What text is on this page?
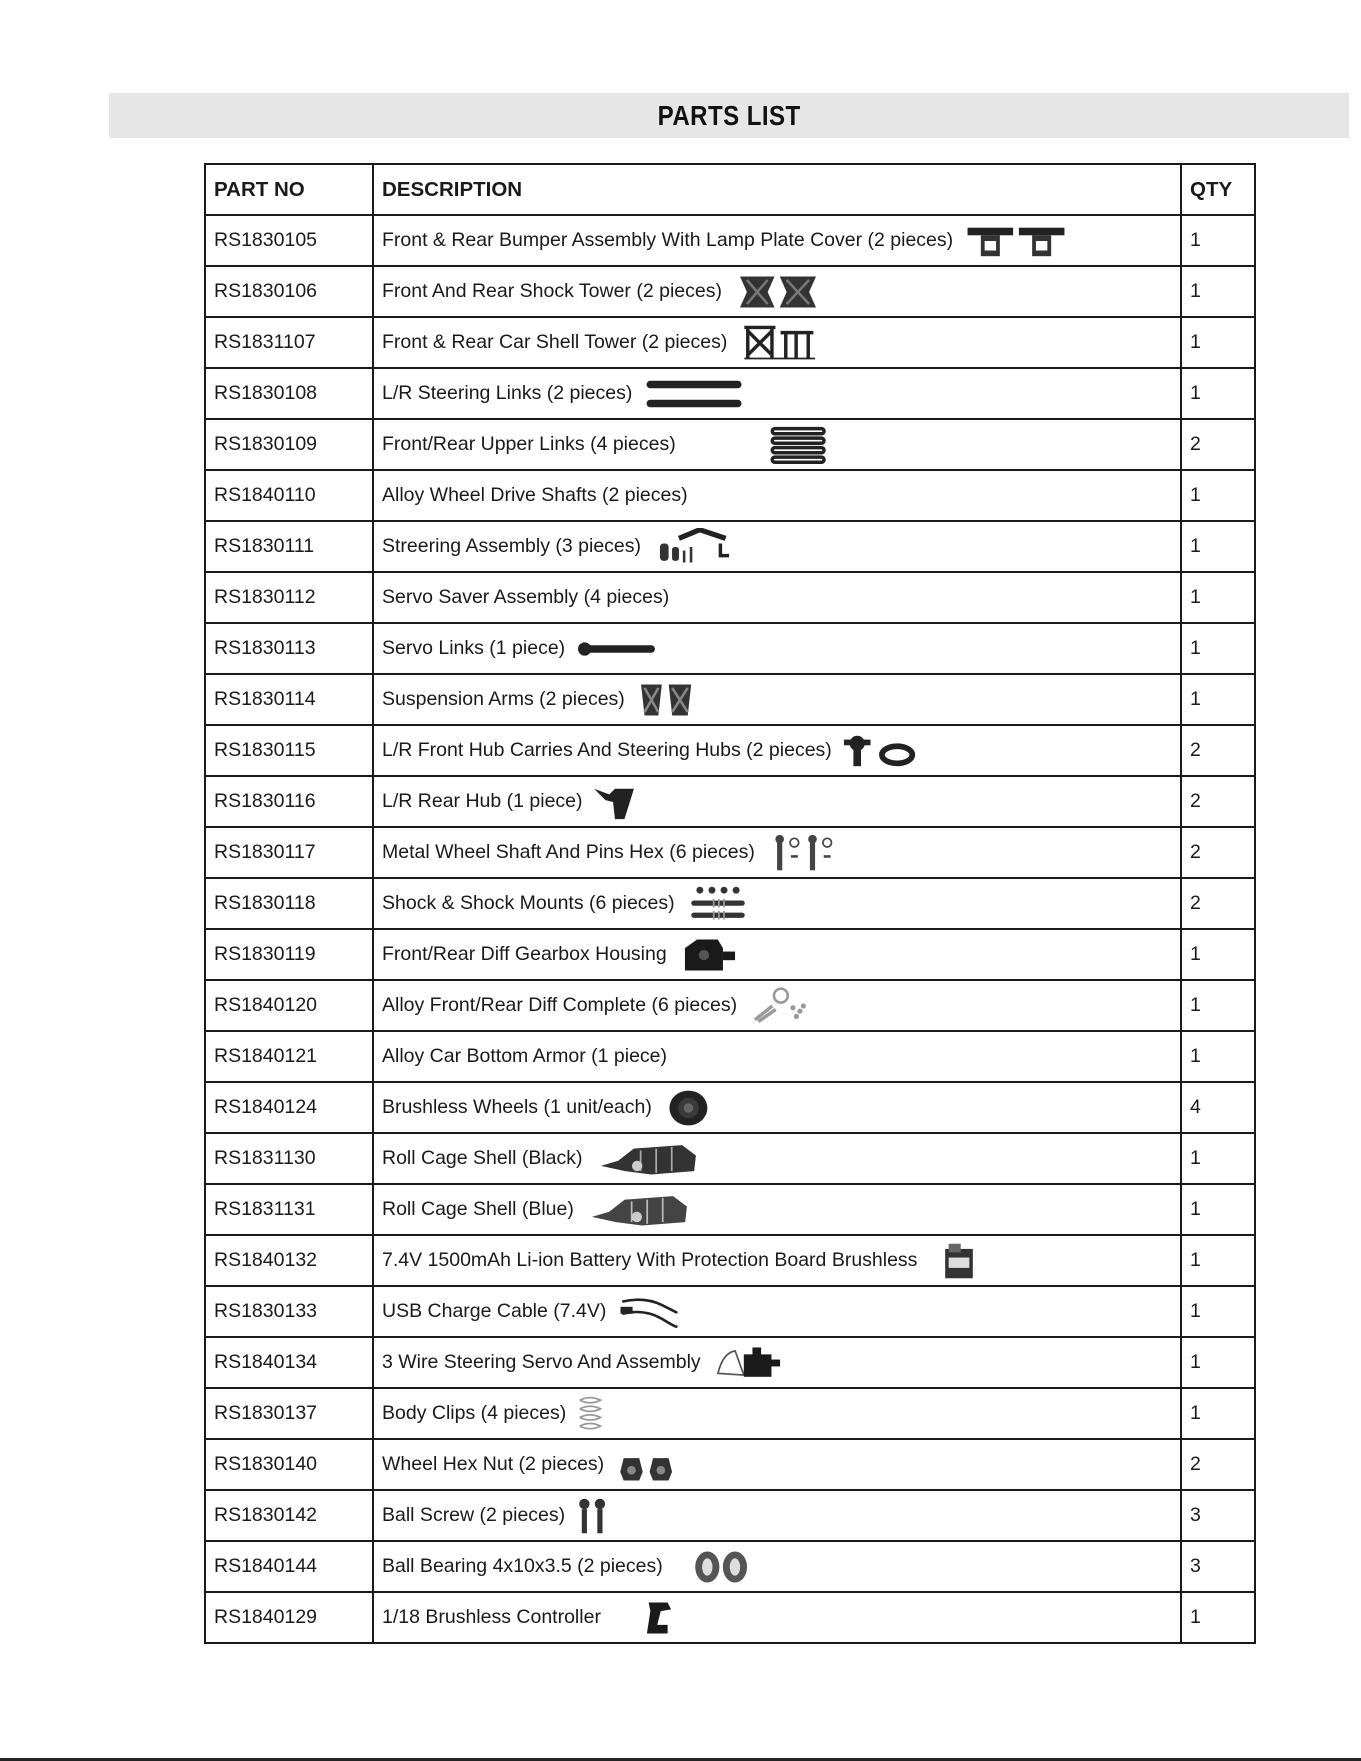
PARTS LIST
PART NO	DESCRIPTION	QTY
RS1830105	Front & Rear Bumper Assembly With Lamp Plate Cover (2 pieces)	1
RS1830106	Front And Rear Shock Tower (2 pieces)	1
RS1831107	Front & Rear Car Shell Tower (2 pieces)	1
RS1830108	L/R Steering Links (2 pieces)	1
RS1830109	Front/Rear Upper Links (4 pieces)	2
RS1840110	Alloy Wheel Drive Shafts (2 pieces)	1
RS1830111	Streering Assembly (3 pieces)	1
RS1830112	Servo Saver Assembly (4 pieces)	1
RS1830113	Servo Links (1 piece)	1
RS1830114	Suspension Arms (2 pieces)	1
RS1830115	L/R Front Hub Carries And Steering Hubs (2 pieces)	2
RS1830116	L/R Rear Hub (1 piece)	2
RS1830117	Metal Wheel Shaft And Pins Hex (6 pieces)	2
RS1830118	Shock & Shock Mounts (6 pieces)	2
RS1830119	Front/Rear Diff Gearbox Housing	1
RS1840120	Alloy Front/Rear Diff Complete (6 pieces)	1
RS1840121	Alloy Car Bottom Armor (1 piece)	1
RS1840124	Brushless Wheels (1 unit/each)	4
RS1831130	Roll Cage Shell (Black)	1
RS1831131	Roll Cage Shell (Blue)	1
RS1840132	7.4V 1500mAh Li-ion Battery With Protection Board Brushless	1
RS1830133	USB Charge Cable (7.4V)	1
RS1840134	3 Wire Steering Servo And Assembly	1
RS1830137	Body Clips (4 pieces)	1
RS1830140	Wheel Hex Nut (2 pieces)	2
RS1830142	Ball Screw (2 pieces)	3
RS1840144	Ball Bearing 4x10x3.5 (2 pieces)	3
RS1840129	1/18 Brushless Controller	1
